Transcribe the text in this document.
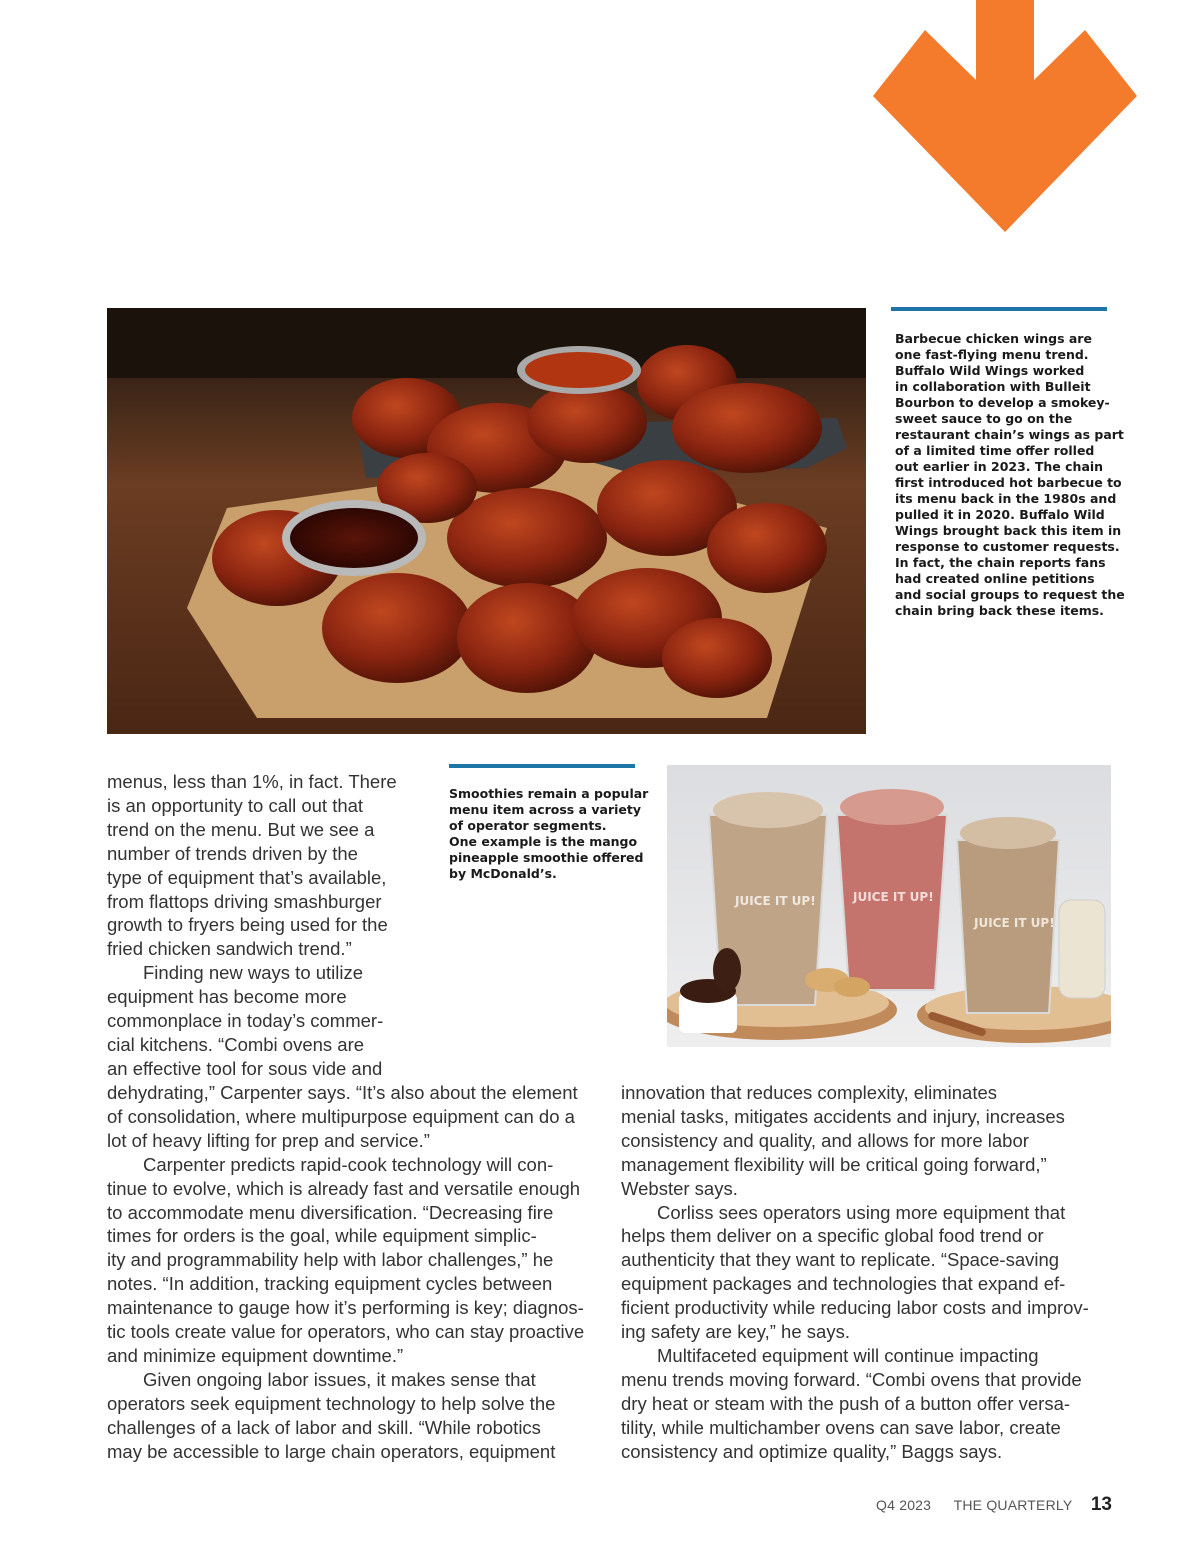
Barbecue chicken wings are
one fast-flying menu trend.
Buffalo Wild Wings worked
in collaboration with Bulleit
Bourbon to develop a smokey-
sweet sauce to go on the
restaurant chain’s wings as part
of a limited time offer rolled
out earlier in 2023. The chain
first introduced hot barbecue to
its menu back in the 1980s and
pulled it in 2020. Buffalo Wild
Wings brought back this item in
response to customer requests.
In fact, the chain reports fans
had created online petitions
and social groups to request the
chain bring back these items.
Smoothies remain a popular
menu item across a variety
of operator segments.
One example is the mango
pineapple smoothie offered
by McDonald’s.
JUICE IT UP!	JUICE IT UP!
JUICE IT UP!
menus, less than 1%, in fact. There
is an opportunity to call out that
trend on the menu. But we see a
number of trends driven by the
type of equipment that’s available,
from flattops driving smashburger
growth to fryers being used for the
fried chicken sandwich trend.”
Finding new ways to utilize
equipment has become more
commonplace in today’s commer-
cial kitchens. “Combi ovens are
an effective tool for sous vide and
dehydrating,” Carpenter says. “It’s also about the element
of consolidation, where multipurpose equipment can do a
lot of heavy lifting for prep and service.”
Carpenter predicts rapid-cook technology will con-
tinue to evolve, which is already fast and versatile enough
to accommodate menu diversification. “Decreasing fire
times for orders is the goal, while equipment simplic-
ity and programmability help with labor challenges,” he
notes. “In addition, tracking equipment cycles between
maintenance to gauge how it’s performing is key; diagnos-
tic tools create value for operators, who can stay proactive
and minimize equipment downtime.”
Given ongoing labor issues, it makes sense that
operators seek equipment technology to help solve the
challenges of a lack of labor and skill. “While robotics
may be accessible to large chain operators, equipment
innovation that reduces complexity, eliminates
menial tasks, mitigates accidents and injury, increases
consistency and quality, and allows for more labor
management flexibility will be critical going forward,”
Webster says.
Corliss sees operators using more equipment that
helps them deliver on a specific global food trend or
authenticity that they want to replicate. “Space-saving
equipment packages and technologies that expand ef-
ficient productivity while reducing labor costs and improv-
ing safety are key,” he says.
Multifaceted equipment will continue impacting
menu trends moving forward. “Combi ovens that provide
dry heat or steam with the push of a button offer versa-
tility, while multichamber ovens can save labor, create
consistency and optimize quality,” Baggs says.
Q4 2023 THE QUARTERLY 13
